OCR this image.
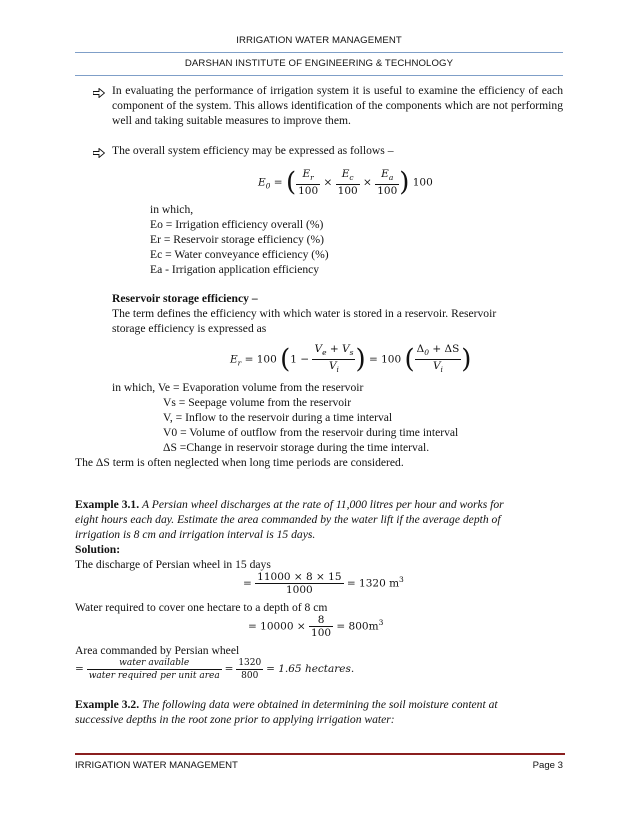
IRRIGATION WATER MANAGEMENT
DARSHAN INSTITUTE OF ENGINEERING & TECHNOLOGY
In evaluating the performance of irrigation system it is useful to examine the efficiency of each component of the system. This allows identification of the components which are not performing well and taking suitable measures to improve them.
The overall system efficiency may be expressed as follows –
$E_0$ = ( $\frac{E_r}{100} \times \frac{E_c}{100} \times \frac{E_a}{100}$ ) 100
in which,
Eo = Irrigation efficiency overall (%)
Er = Reservoir storage efficiency (%)
Ec = Water conveyance efficiency (%)
Ea - Irrigation application efficiency
Reservoir storage efficiency –
The term defines the efficiency with which water is stored in a reservoir. Reservoir
storage efficiency is expressed as
$E_r = 100$ ($1 - \frac{V_e + V_s}{V_i}$ ) = 100 ( $\frac{\Delta_0 + \Delta S}{V_i}$ )
in which, Ve = Evaporation volume from the reservoir
Vs = Seepage volume from the reservoir
V, = Inflow to the reservoir during a time interval
V0 = Volume of outflow from the reservoir during time interval
ΔS =Change in reservoir storage during the time interval.
The ΔS term is often neglected when long time periods are considered.
Example 3.1. A Persian wheel discharges at the rate of 11,000 litres per hour and works for
eight hours each day. Estimate the area commanded by the water lift if the average depth of
irrigation is 8 cm and irrigation interval is 15 days.
Solution:
The discharge of Persian wheel in 15 days
= $\frac{11000 \times 8 \times 15}{1000} = 1320$ $m^3$
Water required to cover one hectare to a depth of 8 cm
= $10000 \times \frac{8}{100} = 800m^3$
Area commanded by Persian wheel
= $\frac{\text{water available}}{\text{water required per unit area}} = \frac{1320}{800} = 1.65$ hectares.
Example 3.2. The following data were obtained in determining the soil moisture content at
successive depths in the root zone prior to applying irrigation water:
IRRIGATION WATER MANAGEMENT	Page 3
